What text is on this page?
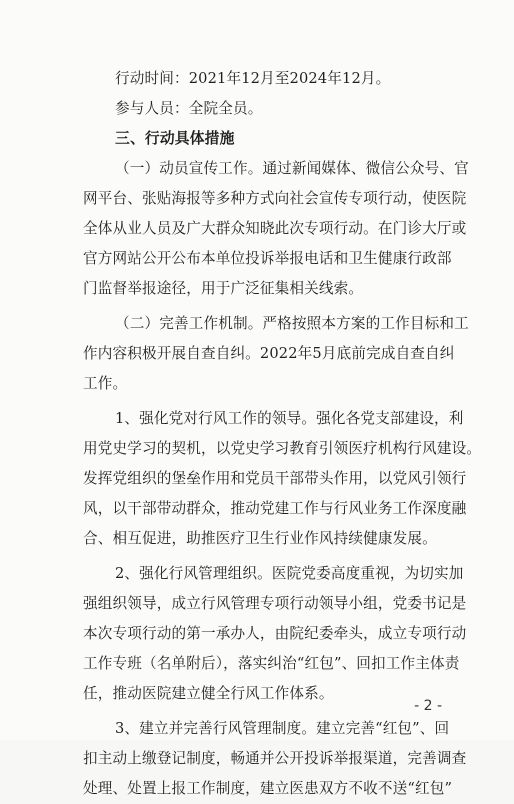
行动时间：2021年12月至2024年12月。
参与人员：全院全员。
三、行动具体措施
（一）动员宣传工作。通过新闻媒体、微信公众号、官
网平台、张贴海报等多种方式向社会宣传专项行动，使医院
全体从业人员及广大群众知晓此次专项行动。在门诊大厅或
官方网站公开公布本单位投诉举报电话和卫生健康行政部
门监督举报途径，用于广泛征集相关线索。
（二）完善工作机制。严格按照本方案的工作目标和工
作内容积极开展自查自纠。2022年5月底前完成自查自纠
工作。
1、强化党对行风工作的领导。强化各党支部建设，利
用党史学习的契机，以党史学习教育引领医疗机构行风建设。
发挥党组织的堡垒作用和党员干部带头作用，以党风引领行
风，以干部带动群众，推动党建工作与行风业务工作深度融
合、相互促进，助推医疗卫生行业作风持续健康发展。
2、强化行风管理组织。医院党委高度重视，为切实加
强组织领导，成立行风管理专项行动领导小组，党委书记是
本次专项行动的第一承办人，由院纪委牵头，成立专项行动
工作专班（名单附后），落实纠治“红包”、回扣工作主体责
任，推动医院建立健全行风工作体系。
3、建立并完善行风管理制度。建立完善“红包”、回
扣主动上缴登记制度，畅通并公开投诉举报渠道，完善调查
处理、处置上报工作制度，建立医患双方不收不送“红包”
- 2 -
